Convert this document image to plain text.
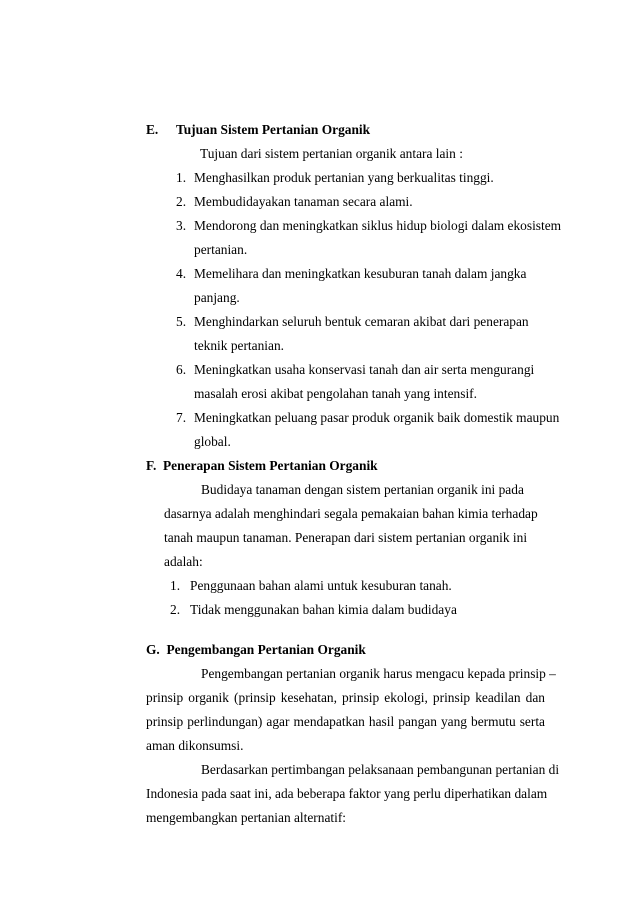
E. Tujuan Sistem Pertanian Organik
Tujuan dari sistem pertanian organik antara lain :
1. Menghasilkan produk pertanian yang berkualitas tinggi.
2. Membudidayakan tanaman secara alami.
3. Mendorong dan meningkatkan siklus hidup biologi dalam ekosistem
pertanian.
4. Memelihara dan meningkatkan kesuburan tanah dalam jangka
panjang.
5. Menghindarkan seluruh bentuk cemaran akibat dari penerapan
teknik pertanian.
6. Meningkatkan usaha konservasi tanah dan air serta mengurangi
masalah erosi akibat pengolahan tanah yang intensif.
7. Meningkatkan peluang pasar produk organik baik domestik maupun
global.
F.  Penerapan Sistem Pertanian Organik
Budidaya tanaman dengan sistem pertanian organik ini pada
dasarnya adalah menghindari segala pemakaian bahan kimia terhadap
tanah maupun tanaman. Penerapan dari sistem pertanian organik ini
adalah:
1. Penggunaan bahan alami untuk kesuburan tanah.
2. Tidak menggunakan bahan kimia dalam budidaya
G.  Pengembangan Pertanian Organik
Pengembangan pertanian organik harus mengacu kepada prinsip –
prinsip organik (prinsip kesehatan, prinsip ekologi, prinsip keadilan dan
prinsip perlindungan) agar mendapatkan hasil pangan yang bermutu serta
aman dikonsumsi.
Berdasarkan pertimbangan pelaksanaan pembangunan pertanian di
Indonesia pada saat ini, ada beberapa faktor yang perlu diperhatikan dalam
mengembangkan pertanian alternatif:
